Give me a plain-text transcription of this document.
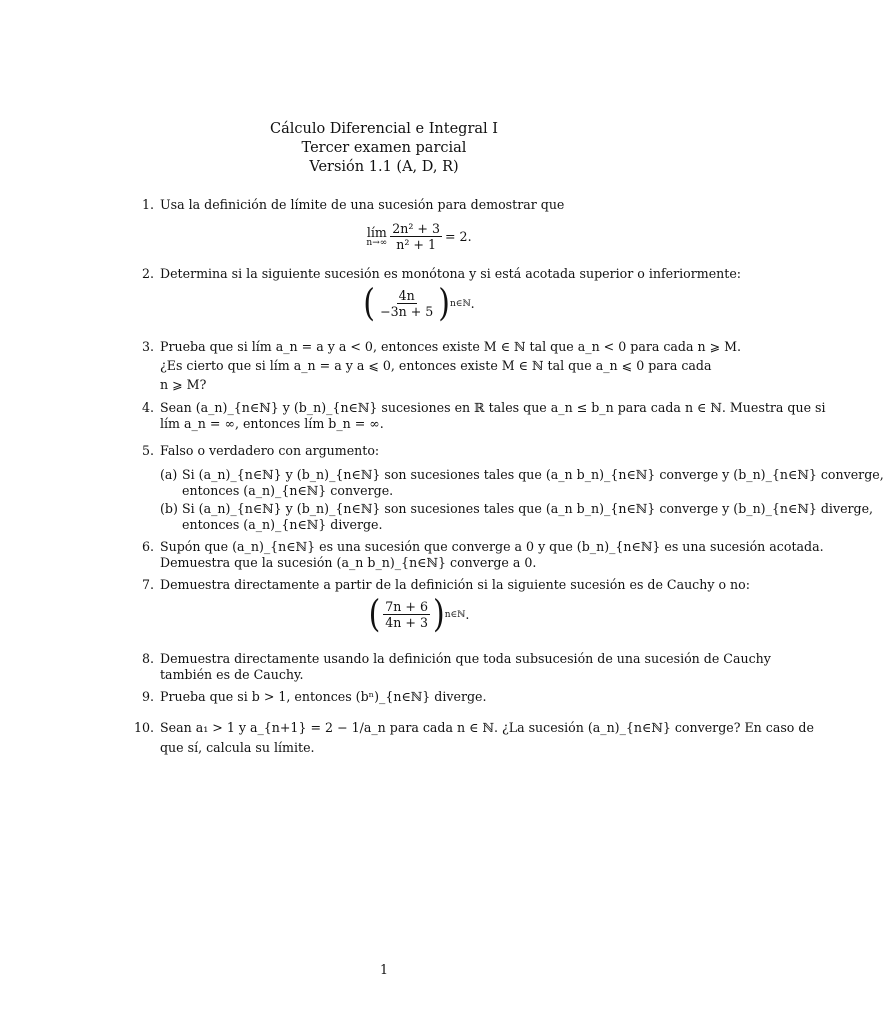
Cálculo Diferencial e Integral I
Tercer examen parcial
Versión 1.1 (A, D, R)
1. Usa la definición de límite de una sucesión para demostrar que
lím
$n\to\infty \frac{\text{2n² + 3}}{\text{n² + 1}} = 2$.
2. Determina si la siguiente sucesión es monótona y si está acotada superior o inferiormente:
( $\frac{4n}{-3n + 5}$ ) n∈ℕ .
3. Prueba que si lím a_n = a y a < 0, entonces existe M ∈ ℕ tal que a_n < 0 para cada n ⩾ M.
¿Es cierto que si lím a_n = a y a ⩽ 0, entonces existe M ∈ ℕ tal que a_n ⩽ 0 para cada
n ⩾ M?
4. Sean (a_n)_{n∈ℕ} y (b_n)_{n∈ℕ} sucesiones en ℝ tales que a_n ≤ b_n para cada n ∈ ℕ. Muestra que si
lím a_n = ∞, entonces lím b_n = ∞.
5. Falso o verdadero con argumento:
(a) Si (a_n)_{n∈ℕ} y (b_n)_{n∈ℕ} son sucesiones tales que (a_n b_n)_{n∈ℕ} converge y (b_n)_{n∈ℕ} converge,
entonces (a_n)_{n∈ℕ} converge.
(b) Si (a_n)_{n∈ℕ} y (b_n)_{n∈ℕ} son sucesiones tales que (a_n b_n)_{n∈ℕ} converge y (b_n)_{n∈ℕ} diverge,
entonces (a_n)_{n∈ℕ} diverge.
6. Supón que (a_n)_{n∈ℕ} es una sucesión que converge a 0 y que (b_n)_{n∈ℕ} es una sucesión acotada.
Demuestra que la sucesión (a_n b_n)_{n∈ℕ} converge a 0.
7. Demuestra directamente a partir de la definición si la siguiente sucesión es de Cauchy o no:
( $\frac{7n + 6}{4n + 3}$ ) n∈ℕ .
8. Demuestra directamente usando la definición que toda subsucesión de una sucesión de Cauchy
también es de Cauchy.
9. Prueba que si b > 1, entonces (bⁿ)_{n∈ℕ} diverge.
10. Sean a₁ > 1 y a_{n+1} = 2 − 1/a_n para cada n ∈ ℕ. ¿La sucesión (a_n)_{n∈ℕ} converge? En caso de
que sí, calcula su límite.
1
